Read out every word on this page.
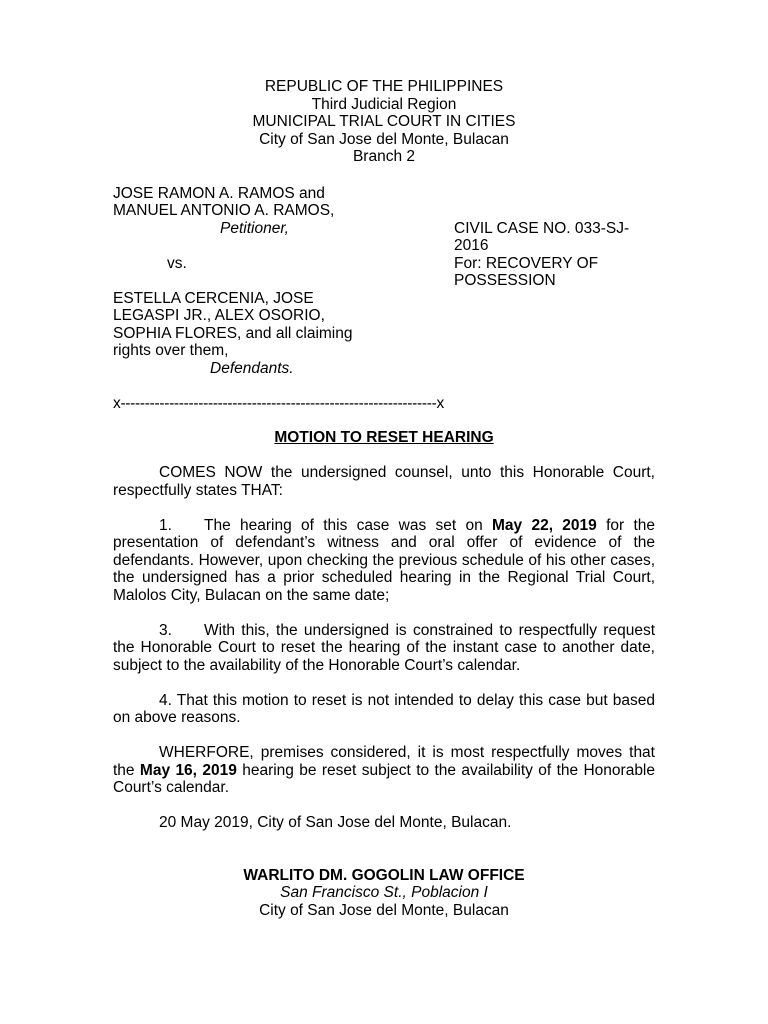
REPUBLIC OF THE PHILIPPINES
Third Judicial Region
MUNICIPAL TRIAL COURT IN CITIES
City of San Jose del Monte, Bulacan
Branch 2
JOSE RAMON A. RAMOS and
MANUEL ANTONIO A. RAMOS,
Petitioner,
vs.
ESTELLA CERCENIA, JOSE
LEGASPI JR., ALEX OSORIO,
SOPHIA FLORES, and all claiming
rights over them,
Defendants.
CIVIL CASE NO. 033-SJ-
2016
For: RECOVERY OF
POSSESSION
x-----------------------------------------------------------------x
MOTION TO RESET HEARING

COMES NOW the undersigned counsel, unto this Honorable Court, respectfully states THAT:

1. The hearing of this case was set on May 22, 2019 for the presentation of defendant’s witness and oral offer of evidence of the defendants. However, upon checking the previous schedule of his other cases, the undersigned has a prior scheduled hearing in the Regional Trial Court, Malolos City, Bulacan on the same date;

3. With this, the undersigned is constrained to respectfully request the Honorable Court to reset the hearing of the instant case to another date, subject to the availability of the Honorable Court’s calendar.

4. That this motion to reset is not intended to delay this case but based on above reasons.

WHERFORE, premises considered, it is most respectfully moves that the May 16, 2019 hearing be reset subject to the availability of the Honorable Court’s calendar.

20 May 2019, City of San Jose del Monte, Bulacan.

WARLITO DM. GOGOLIN LAW OFFICE
San Francisco St., Poblacion I
City of San Jose del Monte, Bulacan
